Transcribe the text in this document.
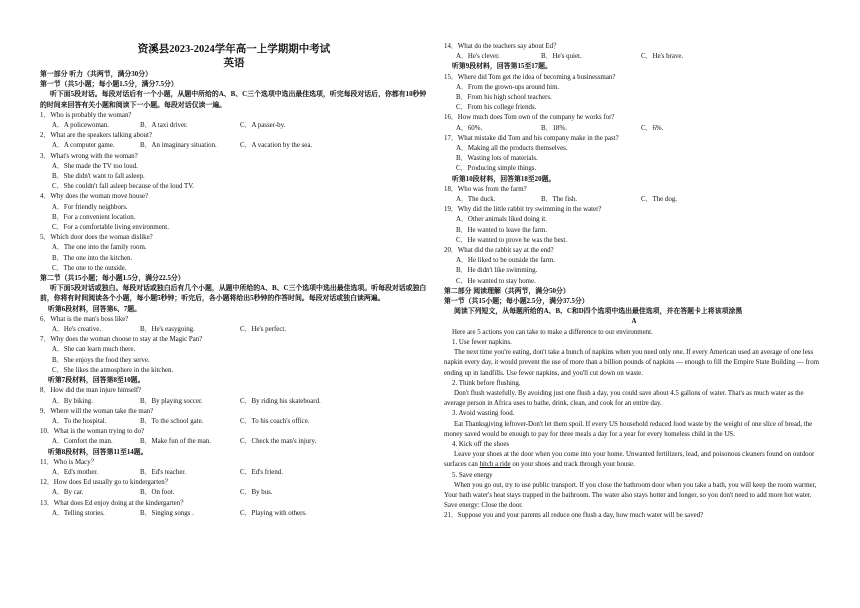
资溪县2023-2024学年高一上学期期中考试
英语
第一部分 听力（共两节，满分30分）
第一节（共5小题；每小题1.5分，满分7.5分）
听下面5段对话。每段对话后有一个小题，从题中所给的A、B、C三个选项中选出最佳选项，听完每段对话后，你都有10秒钟的时间来回答有关小题和阅读下一小题。每段对话仅读一遍。
1．Who is probably the woman?
A．A policewoman.	B．A taxi driver.	C．A passer-by.
2．What are the speakers talking about?
A．A computer game.	B．An imaginary situation.	C．A vacation by the sea.
3．What's wrong with the woman?
A．She made the TV too loud.
B．She didn't want to fall asleep.
C．She couldn't fall asleep because of the loud TV.
4．Why does the woman move house?
A．For friendly neighbors.
B．For a convenient location.
C．For a comfortable living environment.
5．Which door does the woman dislike?
A．The one into the family room.
B．The one into the kitchen.
C．The one to the outside.
第二节（共15小题；每小题1.5分，满分22.5分）
听下面5段对话或独白。每段对话或独白后有几个小题，从题中所给的A、B、C三个选项中选出最佳选项。听每段对话或独白前，你将有时间阅读各个小题，每小题5秒钟；听完后，各小题将给出5秒钟的作答时间。每段对话或独白读两遍。
听第6段材料，回答第6、7题。
6．What is the man's boss like?
A．He's creative.	B．He's easygoing.	C．He's perfect.
7．Why does the woman choose to stay at the Magic Pan?
A．She can learn much there.
B．She enjoys the food they serve.
C．She likes the atmosphere in the kitchen.
听第7段材料，回答第8至10题。
8．How did the man injure himself?
A．By biking.	B．By playing soccer.	C．By riding his skateboard.
9．Where will the woman take the man?
A．To the hospital.	B．To the school gate.	C．To his coach's office.
10．What is the woman trying to do?
A．Comfort the man.	B．Make fun of the man.	C．Check the man's injury.
听第8段材料，回答第11至14题。
11．Who is Macy？
A．Ed's mother.	B．Ed's teacher.	C．Ed's friend.
12．How does Ed usually go to kindergarten？
A．By car.	B．On foot.	C．By bus.
13．What does Ed enjoy doing at the kindergarten？
A．Telling stories.	B．Singing songs .	C．Playing with others.
14．What do the teachers say about Ed？
A．He's clever.	B．He's quiet.	C．He's brave.
听第9段材料，回答第15至17题。
15．Where did Tom get the idea of becoming a businessman?
A．From the grown-ups around him.
B．From his high school teachers.
C．From his college friends.
16．How much does Tom own of the company he works for?
A．60%.	B．18%.	C．6%.
17．What mistake did Tom and his company make in the past?
A．Making all the products themselves.
B．Wasting lots of materials.
C．Producing simple things.
听第10段材料，回答第18至20题。
18．Who was from the farm?
A．The duck.	B．The fish.	C．The dog.
19．Why did the little rabbit try swimming in the water?
A．Other animals liked doing it.
B．He wanted to leave the farm.
C．He wanted to prove he was the best.
20．What did the rabbit say at the end?
A．He liked to be outside the farm.
B．He didn't like swimming.
C．He wanted to stay home.
第二部分 阅读理解（共两节，满分50分）
第一节（共15小题；每小题2.5分，满分37.5分）
阅读下列短文，从每题所给的A、B、C和D四个选项中选出最佳选项，并在答题卡上将该项涂黑
A
Here are 5 actions you can take to make a difference to our environment.
1. Use fewer napkins.
The next time you're eating, don't take a bunch of napkins when you need only one. If every American used an average of one less napkin every day, it would prevent the use of more than a billion pounds of napkins — enough to fill the Empire State Building — from ending up in landfills. Use fewer napkins, and you'll cut down on waste.
2. Think before flushing.
Don't flush wastefully. By avoiding just one flush a day, you could save about 4.5 gallons of water. That's as much water as the average person in Africa uses to bathe, drink, clean, and cook for an entire day.
3. Avoid wasting food.
Eat Thanksgiving leftover-Don't let them spoil. If every US household reduced food waste by the weight of one slice of bread, the money saved would be enough to pay for three meals a day for a year for every homeless child in the US.
4. Kick off the shoes
Leave your shoes at the door when you come into your home. Unwanted fertilizers, lead, and poisonous cleaners found on outdoor surfaces can hitch a ride on your shoes and track through your house.
5. Save energy
When you go out, try to use public transport. If you close the bathroom door when you take a bath, you will keep the room warmer, Your bath water's heat stays trapped in the bathroom. The water also stays hotter and longer, so you don't need to add more hot water. Save energy: Close the door.
21．Suppose you and your parents all reduce one flush a day, how much water will be saved?
